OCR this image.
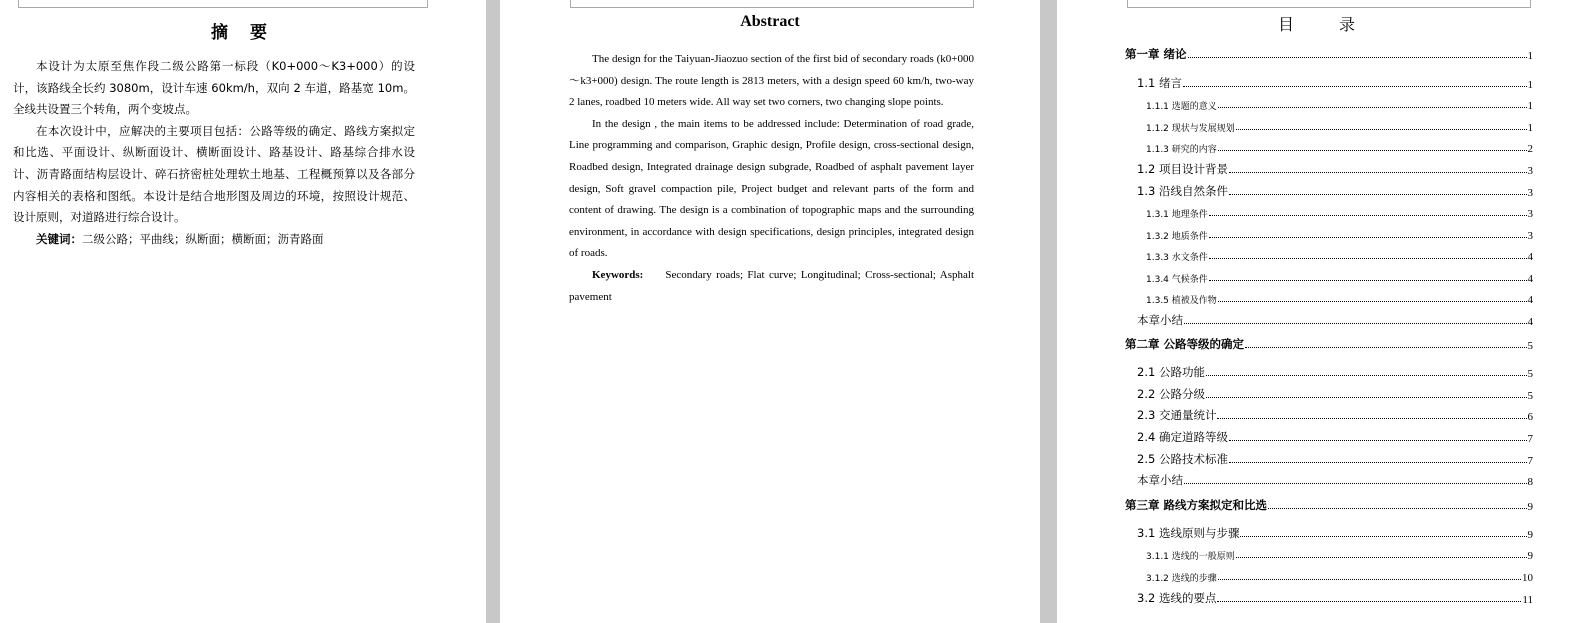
摘 要

本设计为太原至焦作段二级公路第一标段（K0+000～K3+000）的设计，该路线全长约 3080m，设计车速 60km/h，双向 2 车道，路基宽 10m。全线共设置三个转角，两个变坡点。

在本次设计中，应解决的主要项目包括：公路等级的确定、路线方案拟定和比选、平面设计、纵断面设计、横断面设计、路基设计、路基综合排水设计、沥青路面结构层设计、碎石挤密桩处理软土地基、工程概预算以及各部分内容相关的表格和图纸。本设计是结合地形图及周边的环境，按照设计规范、设计原则，对道路进行综合设计。

关键词：二级公路；平曲线；纵断面；横断面；沥青路面

Abstract

The design for the Taiyuan-Jiaozuo section of the first bid of secondary roads (k0+000～k3+000) design. The route length is 2813 meters, with a design speed 60 km/h, two-way 2 lanes, roadbed 10 meters wide. All way set two corners, two changing slope points.

In the design , the main items to be addressed include: Determination of road grade, Line programming and comparison, Graphic design, Profile design, cross-sectional design, Roadbed design, Integrated drainage design subgrade, Roadbed of asphalt pavement layer design, Soft gravel compaction pile, Project budget and relevant parts of the form and content of drawing. The design is a combination of topographic maps and the surrounding environment, in accordance with design specifications, design principles, integrated design of roads.

Keywords: Secondary roads; Flat curve; Longitudinal; Cross-sectional; Asphalt pavement

目 录
第一章 绪论	1
1.1 绪言	1
1.1.1 选题的意义	1
1.1.2 现状与发展规划	1
1.1.3 研究的内容	2
1.2 项目设计背景	3
1.3 沿线自然条件	3
1.3.1 地理条件	3
1.3.2 地质条件	3
1.3.3 水文条件	4
1.3.4 气候条件	4
1.3.5 植被及作物	4
本章小结	4
第二章 公路等级的确定	5
2.1 公路功能	5
2.2 公路分级	5
2.3 交通量统计	6
2.4 确定道路等级	7
2.5 公路技术标准	7
本章小结	8
第三章 路线方案拟定和比选	9
3.1 选线原则与步骤	9
3.1.1 选线的一般原则	9
3.1.2 选线的步骤	10
3.2 选线的要点	11
